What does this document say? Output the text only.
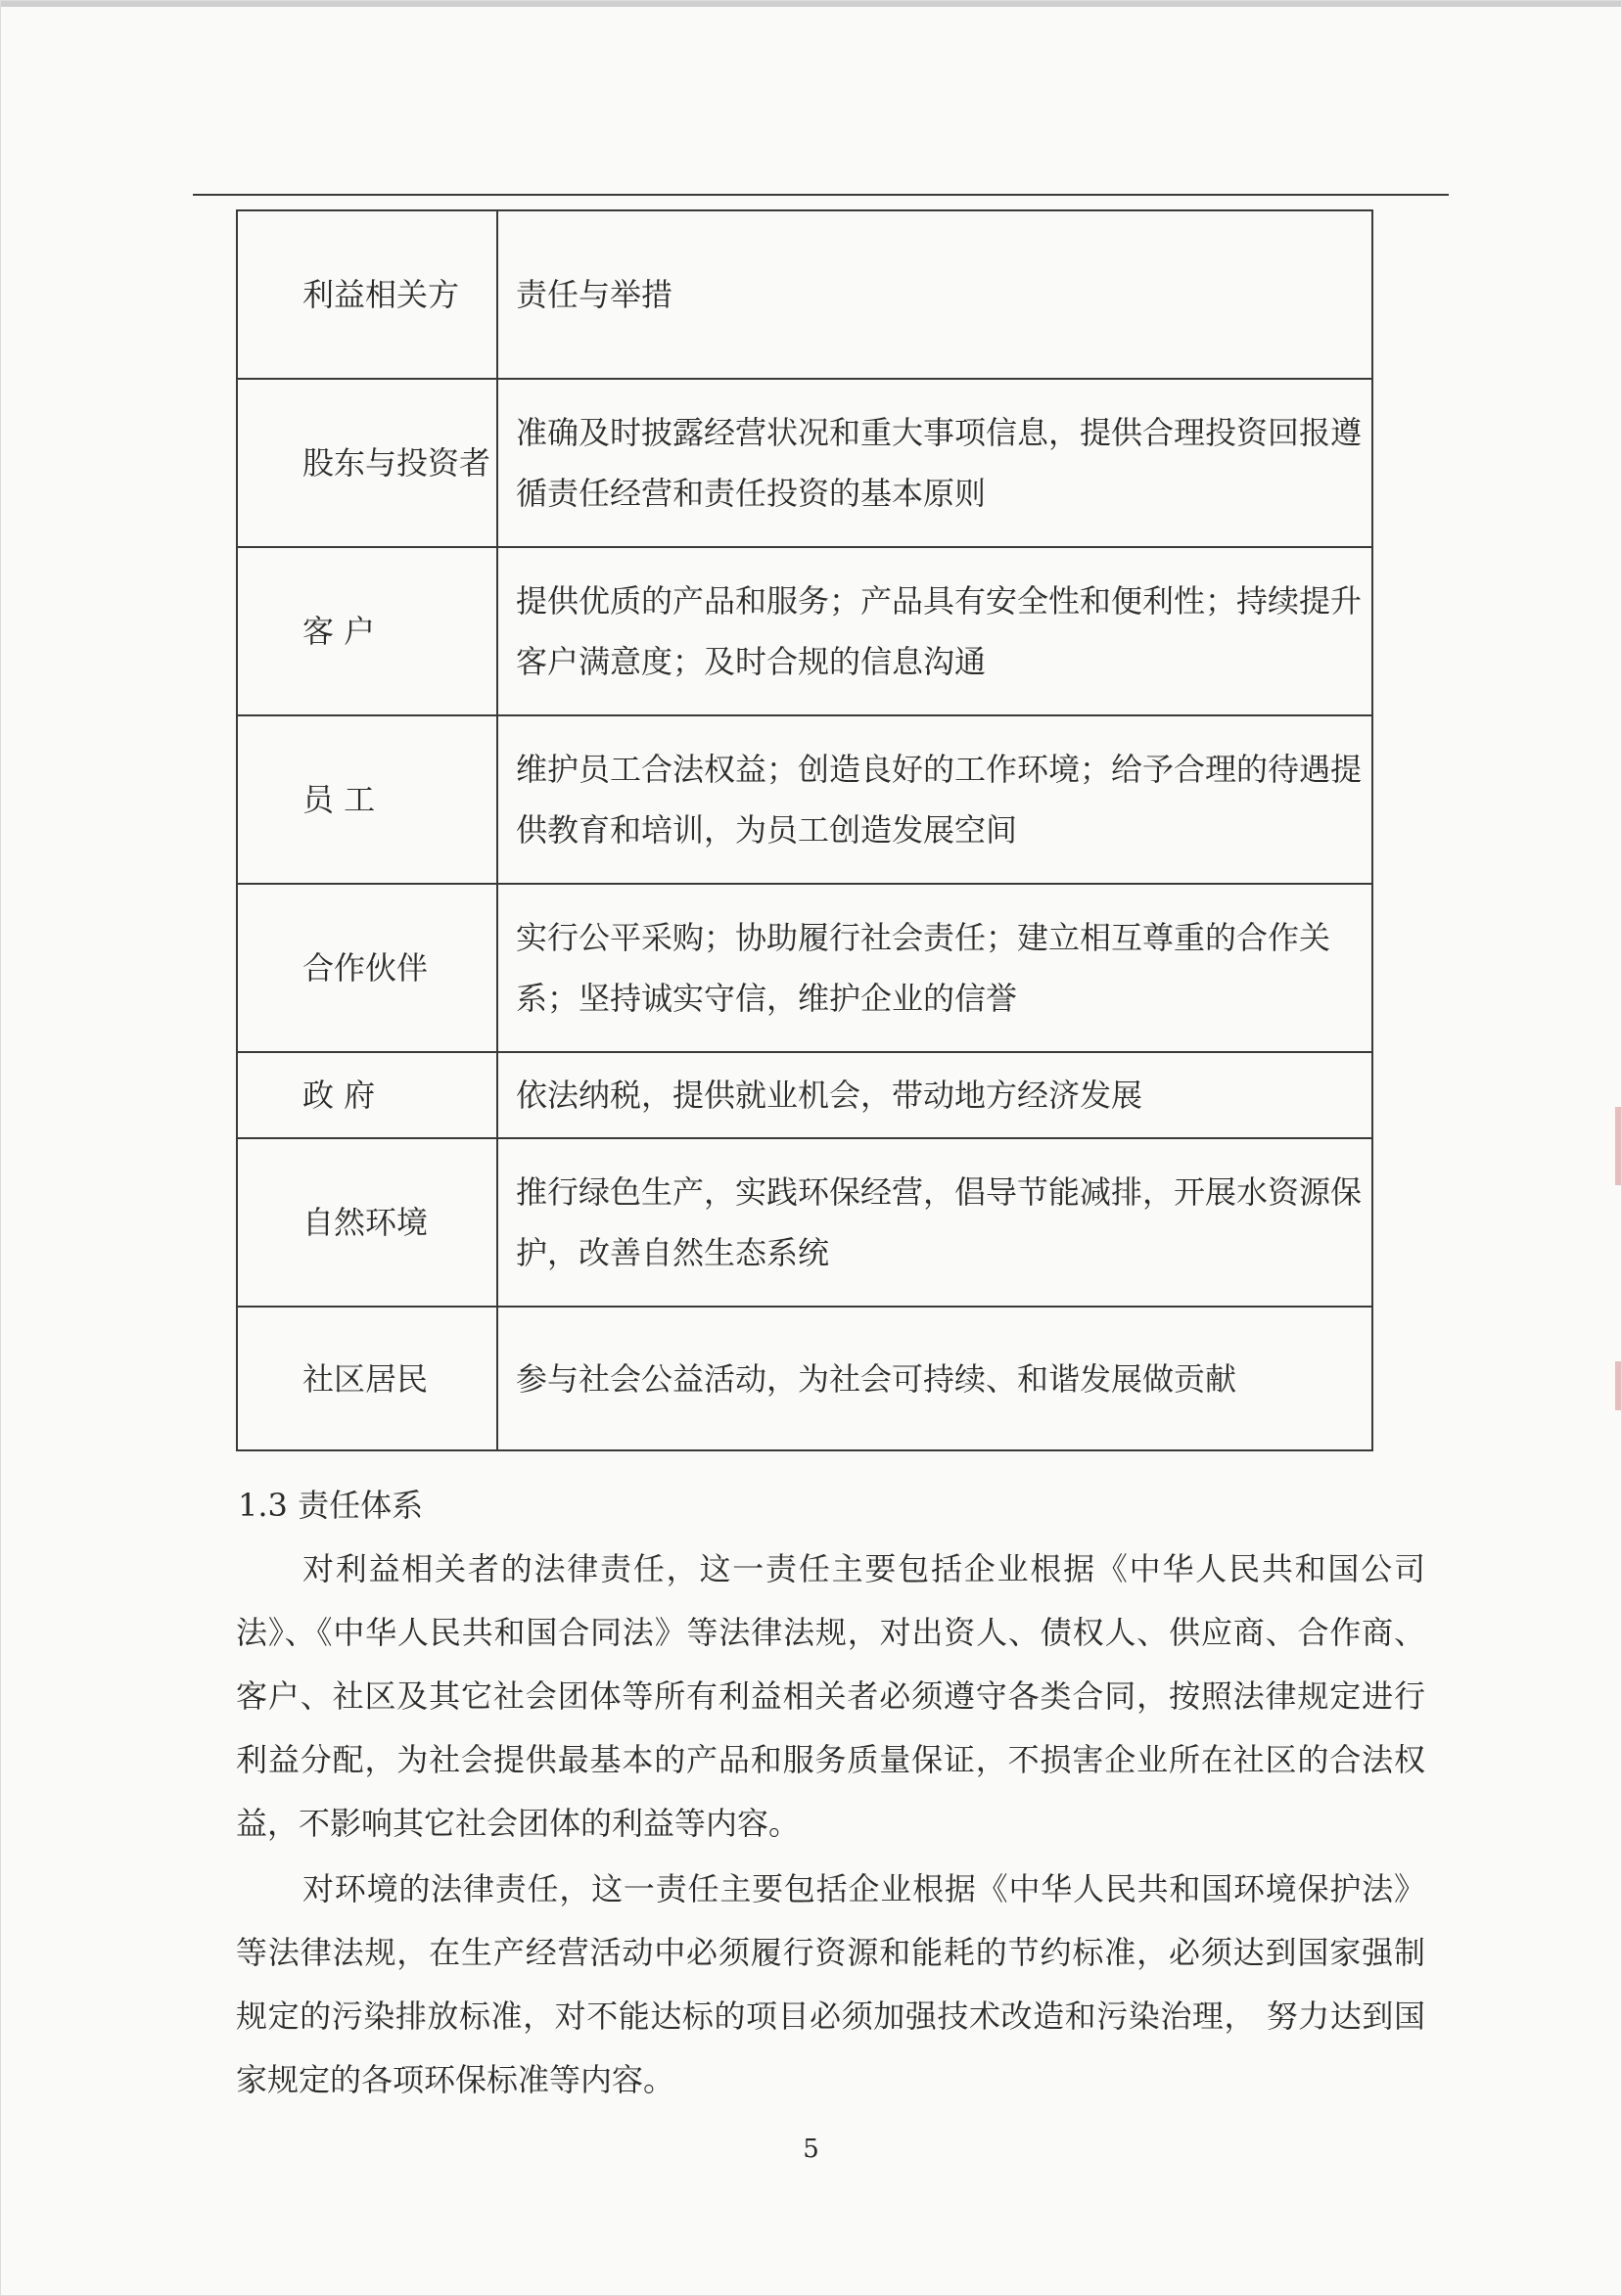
利益相关方	责任与举措
股东与投资者	准确及时披露经营状况和重大事项信息，提供合理投资回报遵循责任经营和责任投资的基本原则
客 户	提供优质的产品和服务；产品具有安全性和便利性；持续提升客户满意度；及时合规的信息沟通
员 工	维护员工合法权益；创造良好的工作环境；给予合理的待遇提供教育和培训，为员工创造发展空间
合作伙伴	实行公平采购；协助履行社会责任；建立相互尊重的合作关系；坚持诚实守信，维护企业的信誉
政 府	依法纳税，提供就业机会，带动地方经济发展
自然环境	推行绿色生产，实践环保经营，倡导节能减排，开展水资源保护，改善自然生态系统
社区居民	参与社会公益活动，为社会可持续、和谐发展做贡献
1.3 责任体系

对利益相关者的法律责任，这一责任主要包括企业根据《中华人民共和国公司法》、《中华人民共和国合同法》等法律法规，对出资人、债权人、供应商、合作商、客户、社区及其它社会团体等所有利益相关者必须遵守各类合同，按照法律规定进行利益分配，为社会提供最基本的产品和服务质量保证，不损害企业所在社区的合法权益，不影响其它社会团体的利益等内容。

对环境的法律责任，这一责任主要包括企业根据《中华人民共和国环境保护法》等法律法规，在生产经营活动中必须履行资源和能耗的节约标准，必须达到国家强制规定的污染排放标准，对不能达标的项目必须加强技术改造和污染治理， 努力达到国家规定的各项环保标准等内容。

5
